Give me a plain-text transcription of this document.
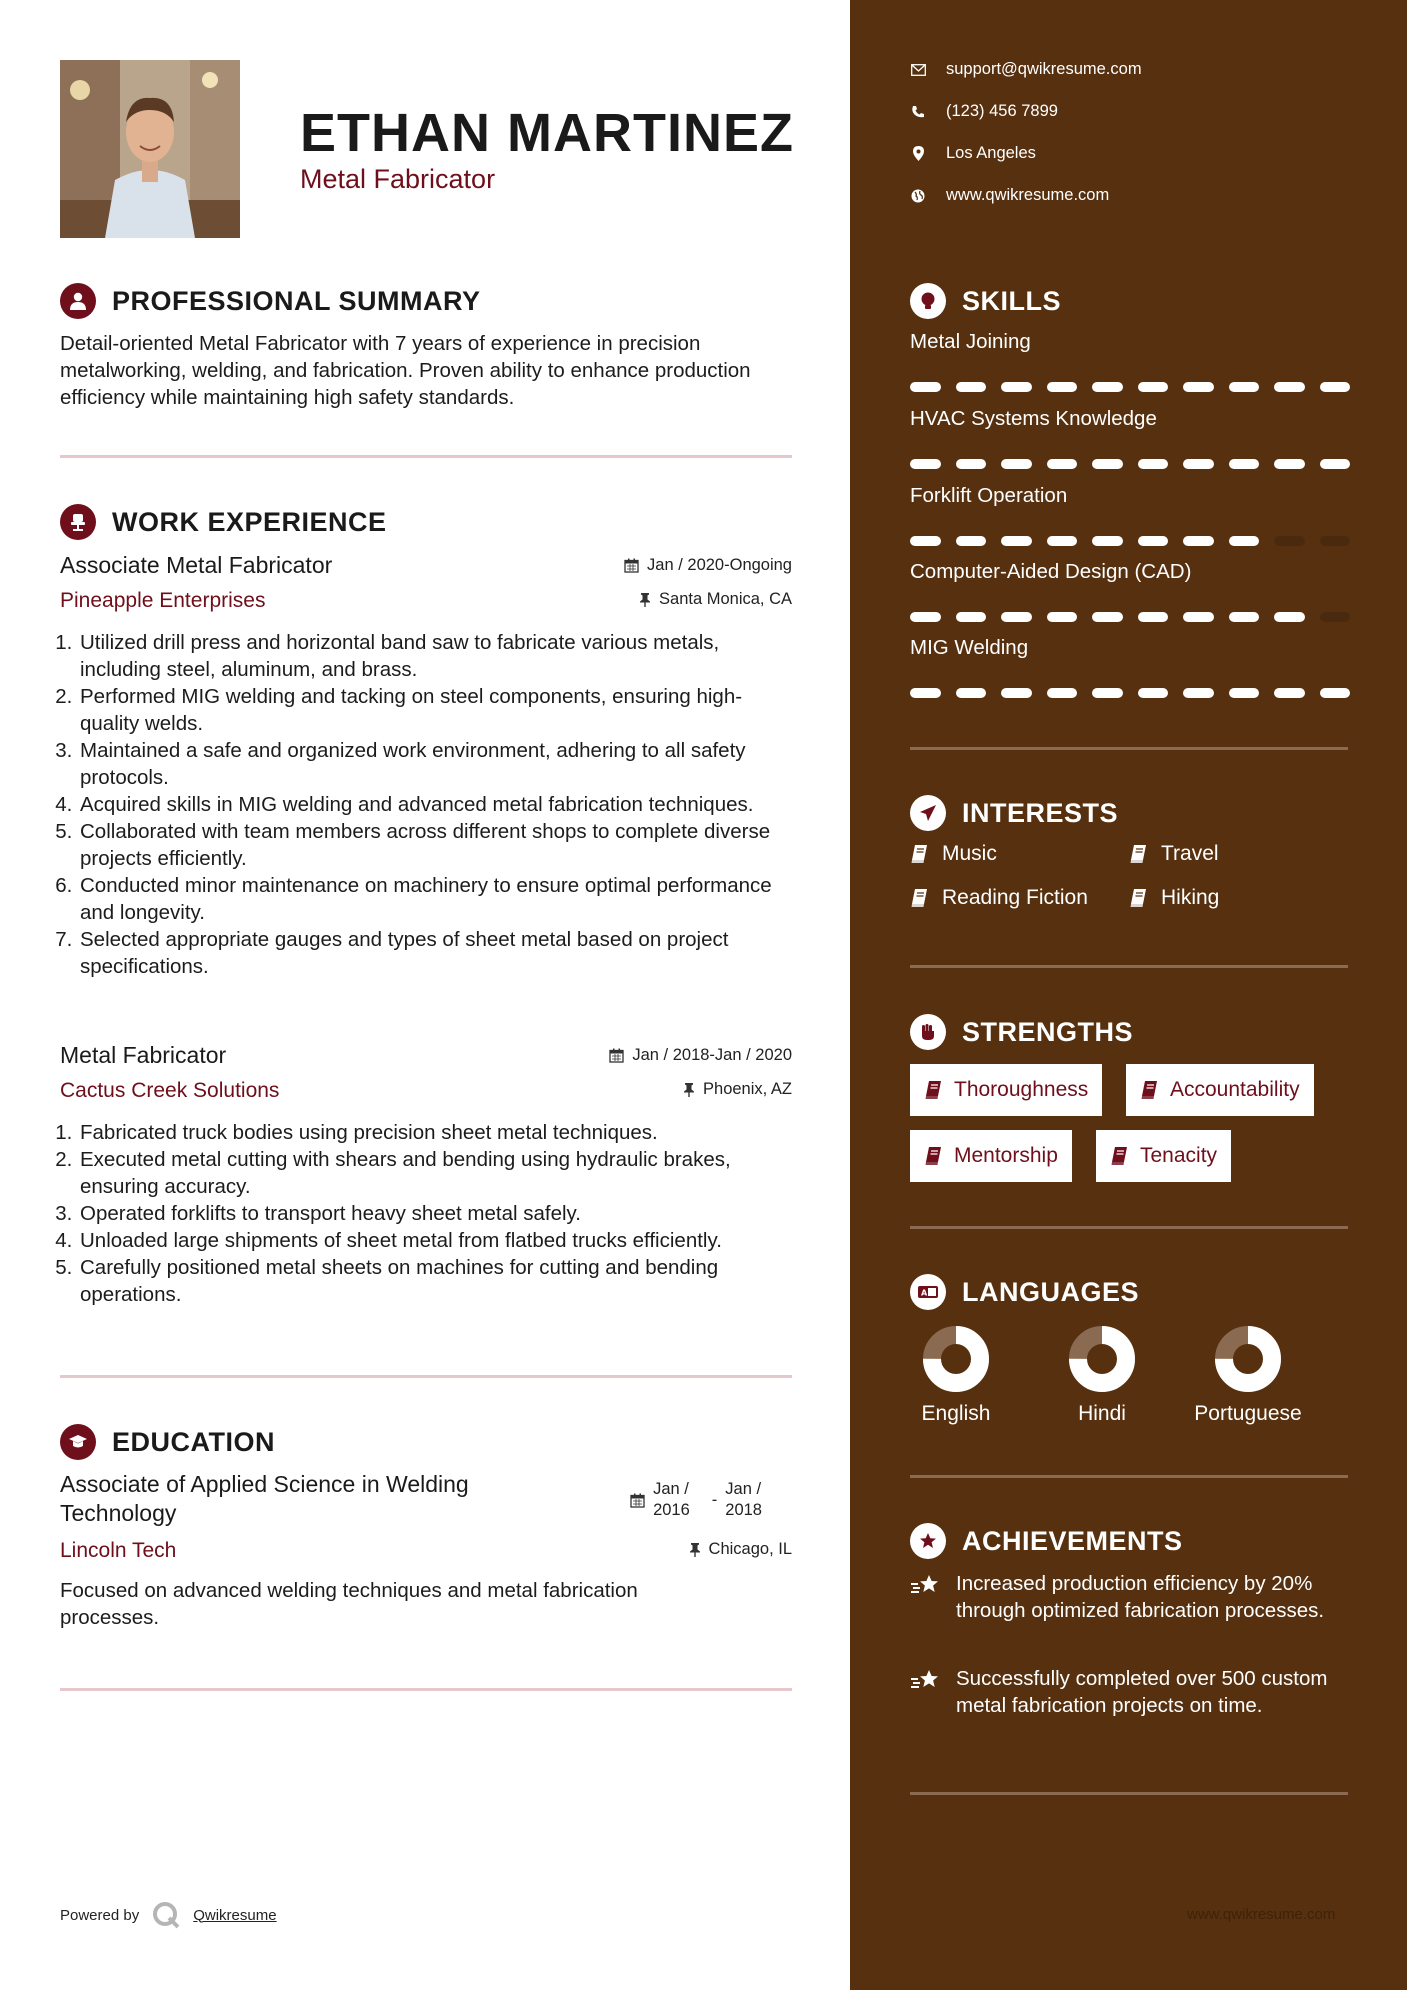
ETHAN MARTINEZ
Metal Fabricator
PROFESSIONAL SUMMARY
Detail-oriented Metal Fabricator with 7 years of experience in precision metalworking, welding, and fabrication. Proven ability to enhance production efficiency while maintaining high safety standards.
WORK EXPERIENCE
Associate Metal Fabricator	Jan / 2020-Ongoing
Pineapple Enterprises	Santa Monica, CA
1. Utilized drill press and horizontal band saw to fabricate various metals, including steel, aluminum, and brass.
2. Performed MIG welding and tacking on steel components, ensuring high-quality welds.
3. Maintained a safe and organized work environment, adhering to all safety protocols.
4. Acquired skills in MIG welding and advanced metal fabrication techniques.
5. Collaborated with team members across different shops to complete diverse projects efficiently.
6. Conducted minor maintenance on machinery to ensure optimal performance and longevity.
7. Selected appropriate gauges and types of sheet metal based on project specifications.
Metal Fabricator	Jan / 2018-Jan / 2020
Cactus Creek Solutions	Phoenix, AZ
1. Fabricated truck bodies using precision sheet metal techniques.
2. Executed metal cutting with shears and bending using hydraulic brakes, ensuring accuracy.
3. Operated forklifts to transport heavy sheet metal safely.
4. Unloaded large shipments of sheet metal from flatbed trucks efficiently.
5. Carefully positioned metal sheets on machines for cutting and bending operations.
EDUCATION
Associate of Applied Science in Welding Technology
Jan /
2016
-
Jan /
2018
Lincoln Tech	Chicago, IL
Focused on advanced welding techniques and metal fabrication processes.
Powered by	Qwikresume
support@qwikresume.com
(123) 456 7899
Los Angeles
www.qwikresume.com
SKILLS
Metal Joining
HVAC Systems Knowledge
Forklift Operation
Computer-Aided Design (CAD)
MIG Welding
INTERESTS
Music	Travel
Reading Fiction	Hiking
STRENGTHS
Thoroughness	Accountability
Mentorship	Tenacity
A LANGUAGES
English	Hindi	Portuguese
ACHIEVEMENTS
Increased production efficiency by 20% through optimized fabrication processes.
Successfully completed over 500 custom metal fabrication projects on time.
www.qwikresume.com
